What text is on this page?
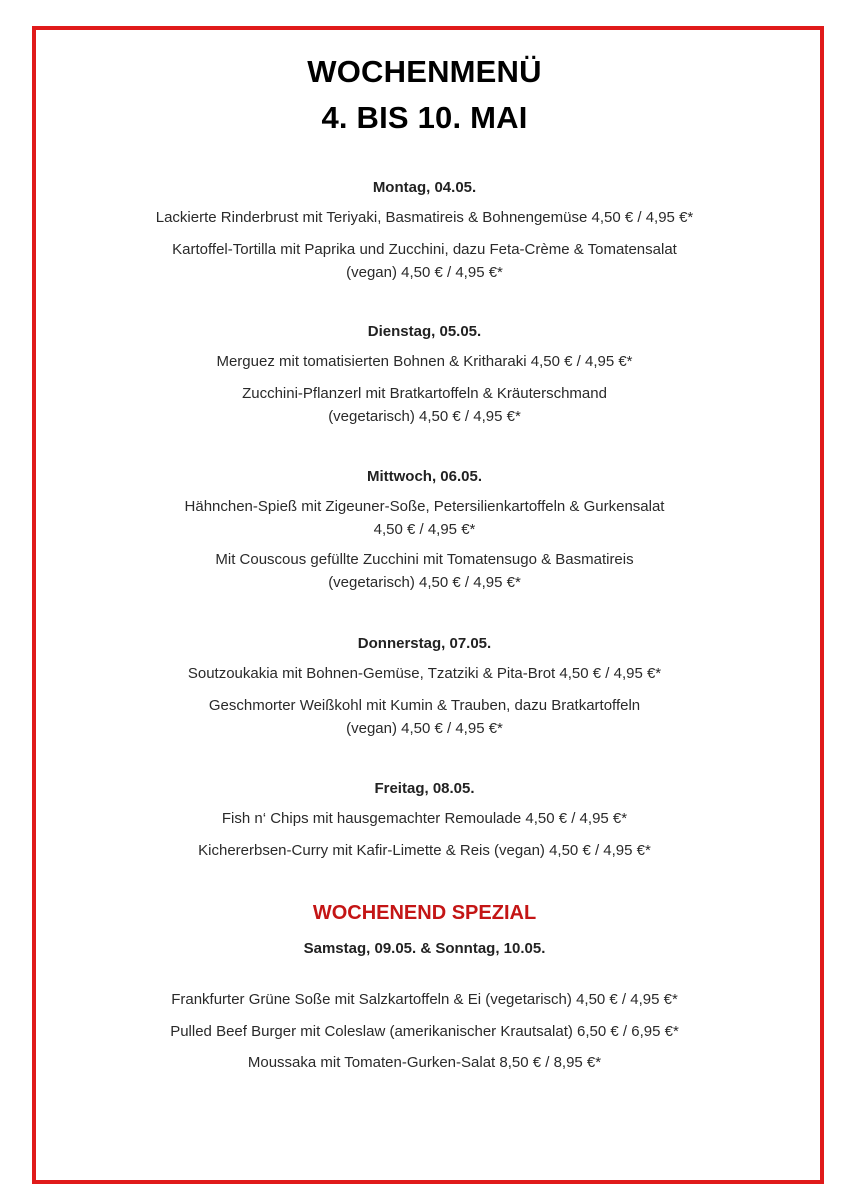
WOCHENMENÜ
4. BIS 10. MAI
Montag, 04.05.
Lackierte Rinderbrust mit Teriyaki, Basmatireis & Bohnengemüse 4,50 € / 4,95 €*
Kartoffel-Tortilla mit Paprika und Zucchini, dazu Feta-Crème & Tomatensalat
(vegan) 4,50 € / 4,95 €*
Dienstag, 05.05.
Merguez mit tomatisierten Bohnen & Kritharaki 4,50 € / 4,95 €*
Zucchini-Pflanzerl mit Bratkartoffeln & Kräuterschmand
(vegetarisch) 4,50 € / 4,95 €*
Mittwoch, 06.05.
Hähnchen-Spieß mit Zigeuner-Soße, Petersilienkartoffeln & Gurkensalat
4,50 € / 4,95 €*
Mit Couscous gefüllte Zucchini mit Tomatensugo & Basmatireis
(vegetarisch) 4,50 € / 4,95 €*
Donnerstag, 07.05.
Soutzoukakia mit Bohnen-Gemüse, Tzatziki & Pita-Brot 4,50 € / 4,95 €*
Geschmorter Weißkohl mit Kumin & Trauben, dazu Bratkartoffeln
(vegan) 4,50 € / 4,95 €*
Freitag, 08.05.
Fish n‘ Chips mit hausgemachter Remoulade 4,50 € / 4,95 €*
Kichererbsen-Curry mit Kafir-Limette & Reis (vegan) 4,50 € / 4,95 €*
WOCHENEND SPEZIAL
Samstag, 09.05. & Sonntag, 10.05.
Frankfurter Grüne Soße mit Salzkartoffeln & Ei (vegetarisch) 4,50 € / 4,95 €*
Pulled Beef Burger mit Coleslaw (amerikanischer Krautsalat) 6,50 € / 6,95 €*
Moussaka mit Tomaten-Gurken-Salat 8,50 € / 8,95 €*
